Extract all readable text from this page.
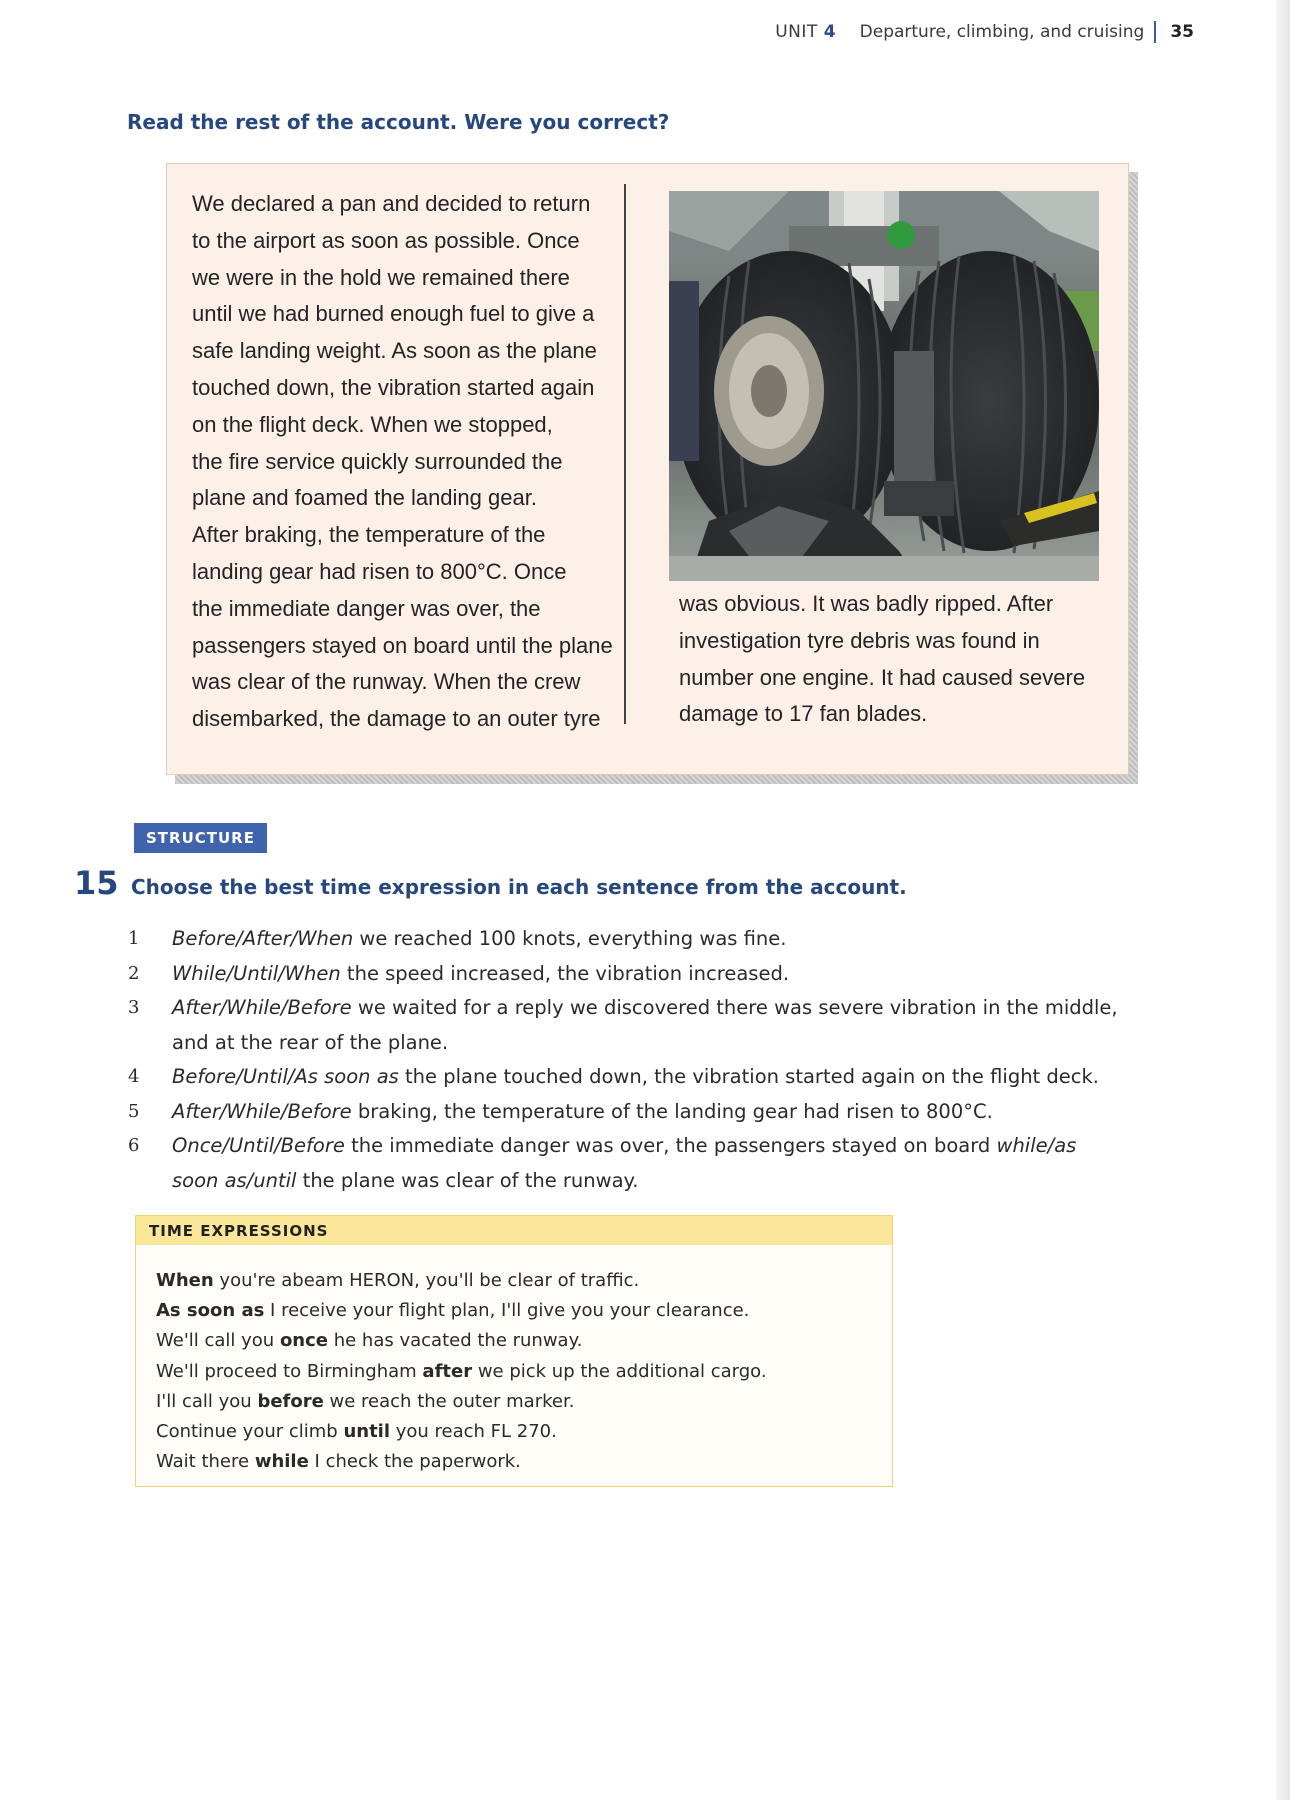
UNIT 4 Departure, climbing, and cruising 35
Read the rest of the account. Were you correct?
We declared a pan and decided to return
to the airport as soon as possible. Once
we were in the hold we remained there
until we had burned enough fuel to give a
safe landing weight. As soon as the plane
touched down, the vibration started again
on the flight deck. When we stopped,
the fire service quickly surrounded the
plane and foamed the landing gear.
After braking, the temperature of the
landing gear had risen to 800°C. Once
the immediate danger was over, the
passengers stayed on board until the plane
was clear of the runway. When the crew
disembarked, the damage to an outer tyre
was obvious. It was badly ripped. After
investigation tyre debris was found in
number one engine. It had caused severe
damage to 17 fan blades.
STRUCTURE
15 Choose the best time expression in each sentence from the account.
1 Before/After/When we reached 100 knots, everything was fine.
2 While/Until/When the speed increased, the vibration increased.
3 After/While/Before we waited for a reply we discovered there was severe vibration in the middle,
and at the rear of the plane.
4 Before/Until/As soon as the plane touched down, the vibration started again on the flight deck.
5 After/While/Before braking, the temperature of the landing gear had risen to 800°C.
6 Once/Until/Before the immediate danger was over, the passengers stayed on board while/as
soon as/until the plane was clear of the runway.
TIME EXPRESSIONS
When you're abeam HERON, you'll be clear of traffic.
As soon as I receive your flight plan, I'll give you your clearance.
We'll call you once he has vacated the runway.
We'll proceed to Birmingham after we pick up the additional cargo.
I'll call you before we reach the outer marker.
Continue your climb until you reach FL 270.
Wait there while I check the paperwork.
